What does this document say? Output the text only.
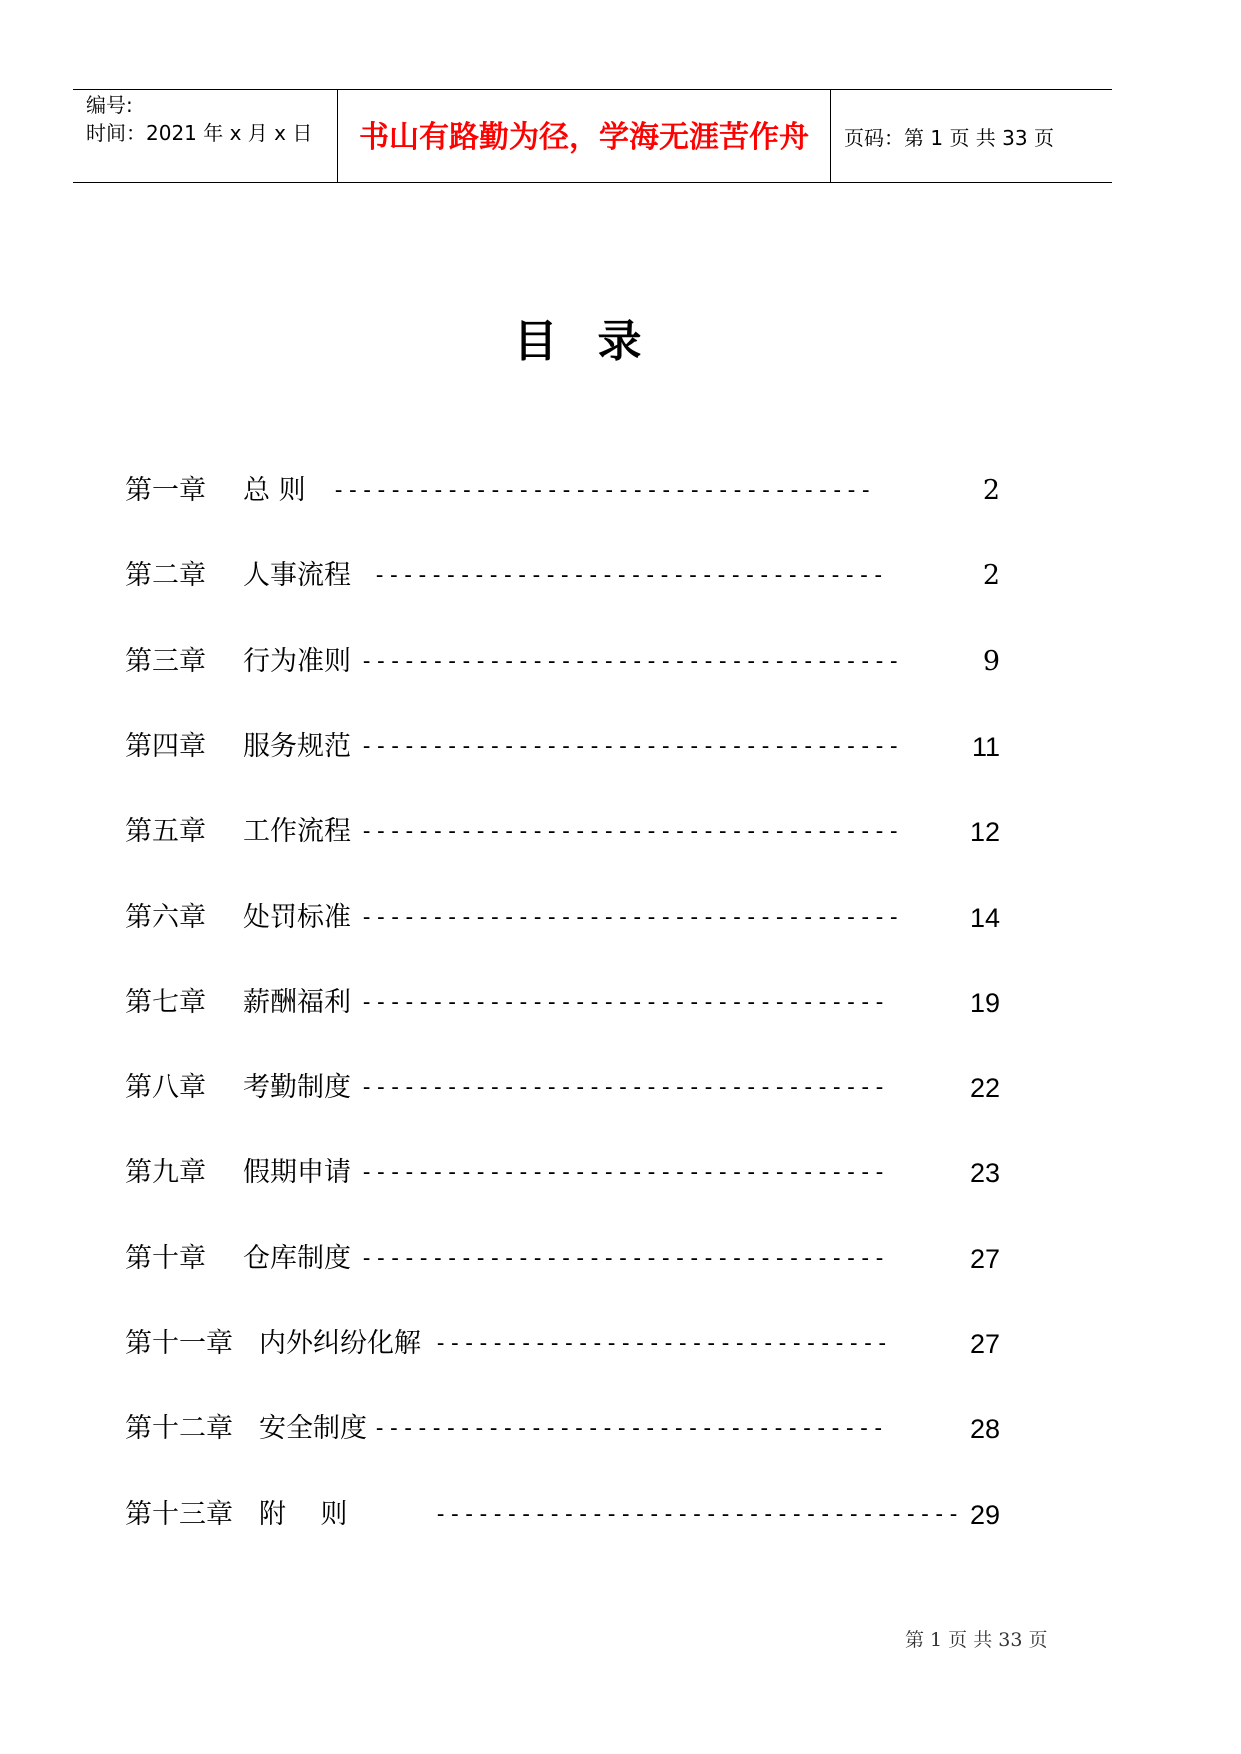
编号:
时间：2021 年 x 月 x 日	书山有路勤为径，学海无涯苦作舟	页码：第 1 页 共 33 页
目录
第一章 总 则 --------------------------------------	2
第二章 人事流程 ------------------------------------	2
第三章 行为准则 --------------------------------------	9
第四章 服务规范 --------------------------------------	11
第五章 工作流程 --------------------------------------	12
第六章 处罚标准 --------------------------------------	14
第七章 薪酬福利 -------------------------------------	19
第八章 考勤制度 -------------------------------------	22
第九章 假期申请 -------------------------------------	23
第十章 仓库制度 -------------------------------------	27
第十一章 内外纠纷化解 --------------------------------	27
第十二章 安全制度 ------------------------------------	28
第十三章 附    则	------------------------------------- 29
第 1 页 共 33 页
